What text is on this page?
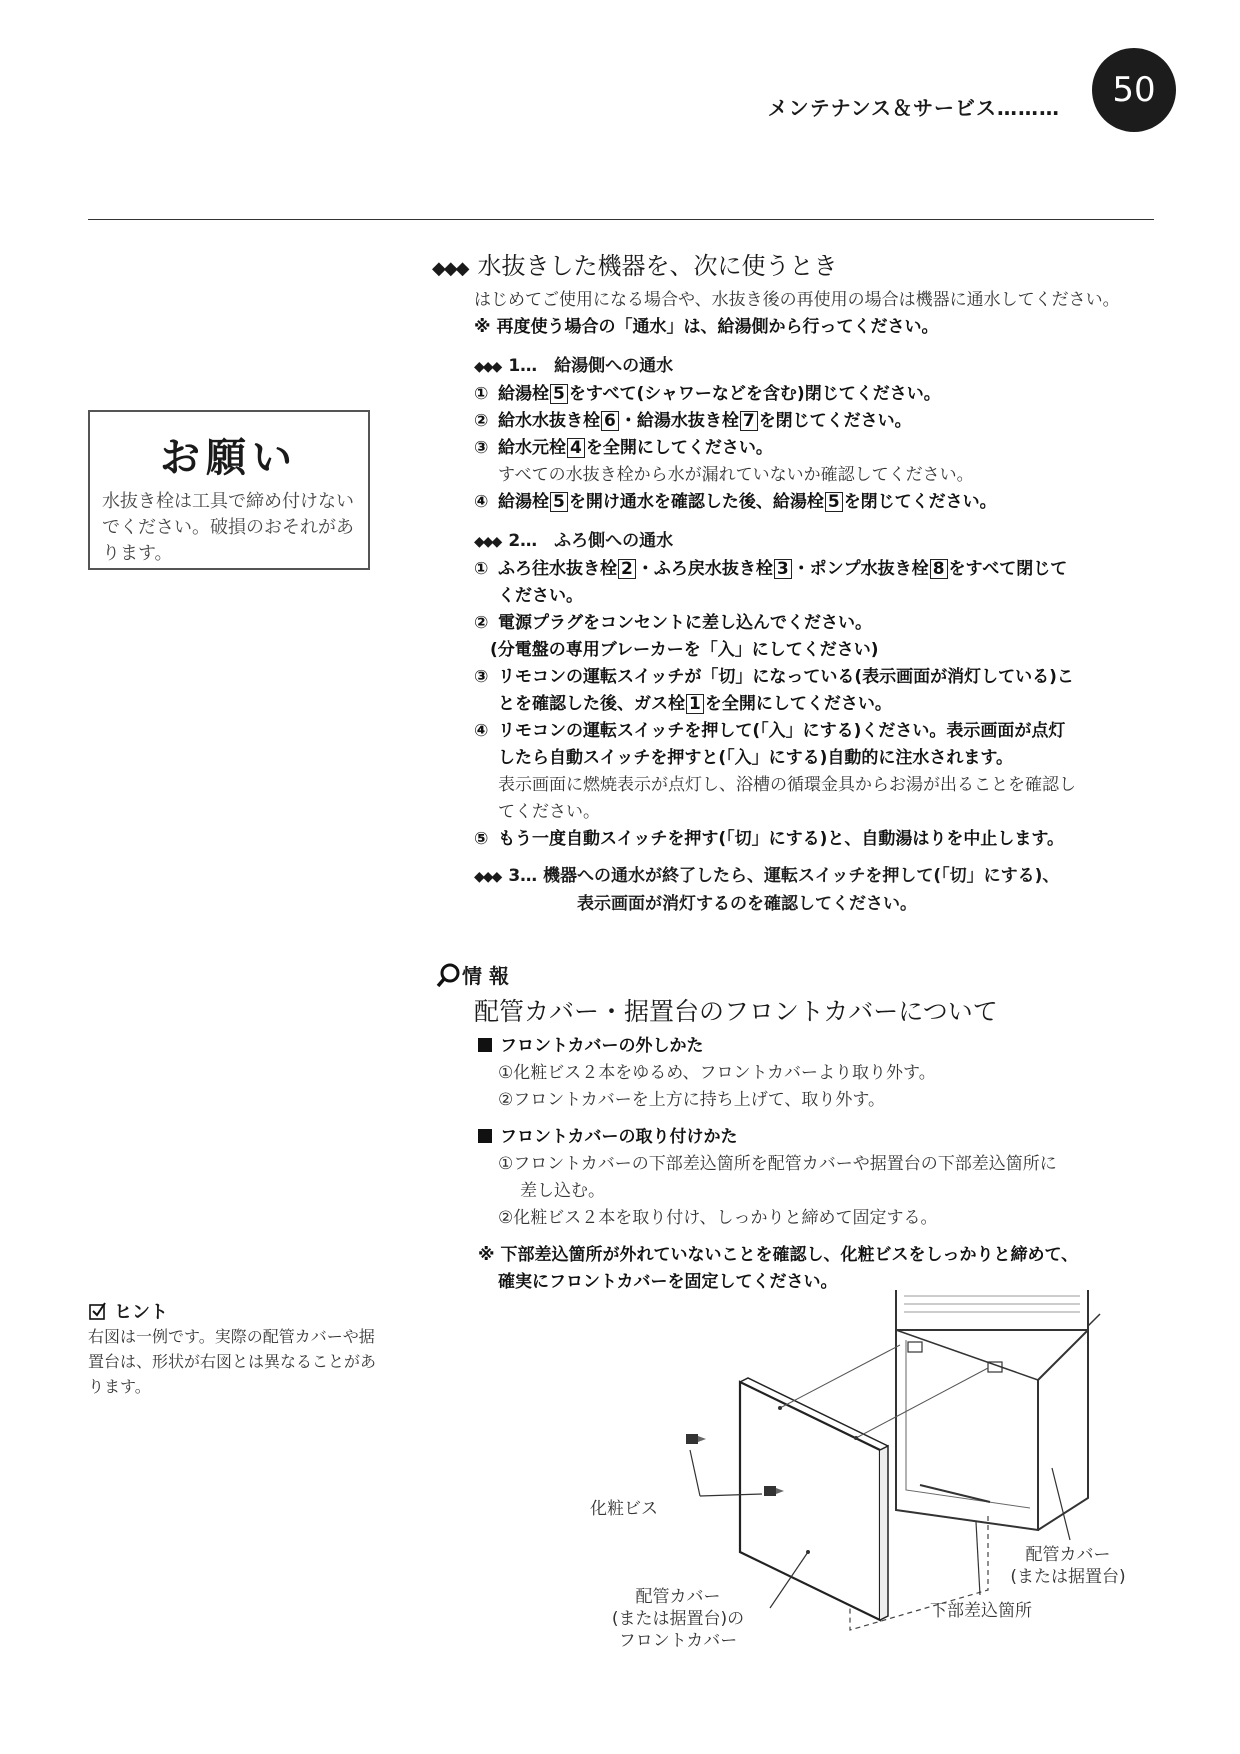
メンテナンス＆サービス………	50
◆◆◆ 水抜きした機器を、次に使うとき
はじめてご使用になる場合や、水抜き後の再使用の場合は機器に通水してください。
※ 再度使う場合の「通水」は、給湯側から行ってください。
◆◆◆ 1…　給湯側への通水
① 給湯栓 5 をすべて(シャワーなどを含む)閉じてください。
② 給水水抜き栓 6 ・給湯水抜き栓 7 を閉じてください。
③ 給水元栓 4 を全開にしてください。
すべての水抜き栓から水が漏れていないか確認してください。
④ 給湯栓 5 を開け通水を確認した後、給湯栓 5 を閉じてください。
◆◆◆ 2…　ふろ側への通水
① ふろ往水抜き栓 2 ・ふろ戻水抜き栓 3 ・ポンプ水抜き栓 8 をすべて閉じて
ください。
② 電源プラグをコンセントに差し込んでください。
(分電盤の専用ブレーカーを「入」にしてください)
③ リモコンの運転スイッチが「切」になっている(表示画面が消灯している)こ
とを確認した後、ガス栓 1 を全開にしてください。
④ リモコンの運転スイッチを押して(「入」にする)ください。表示画面が点灯
したら自動スイッチを押すと(「入」にする)自動的に注水されます。
表示画面に燃焼表示が点灯し、浴槽の循環金具からお湯が出ることを確認し
てください。
⑤ もう一度自動スイッチを押す(「切」にする)と、自動湯はりを中止します。
◆◆◆ 3… 機器への通水が終了したら、運転スイッチを押して(「切」にする)、
表示画面が消灯するのを確認してください。
お願い
水抜き栓は工具で締め付けないでください。破損のおそれがあります。
情 報
配管カバー・据置台のフロントカバーについて
フロントカバーの外しかた
①化粧ビス２本をゆるめ、フロントカバーより取り外す。
②フロントカバーを上方に持ち上げて、取り外す。
フロントカバーの取り付けかた
①フロントカバーの下部差込箇所を配管カバーや据置台の下部差込箇所に
差し込む。
②化粧ビス２本を取り付け、しっかりと締めて固定する。
※ 下部差込箇所が外れていないことを確認し、化粧ビスをしっかりと締めて、
確実にフロントカバーを固定してください。
ヒント
右図は一例です。実際の配管カバーや据置台は、形状が右図とは異なることがあります。
化粧ビス
配管カバー
(または据置台)の
フロントカバー
配管カバー
(または据置台)
下部差込箇所
